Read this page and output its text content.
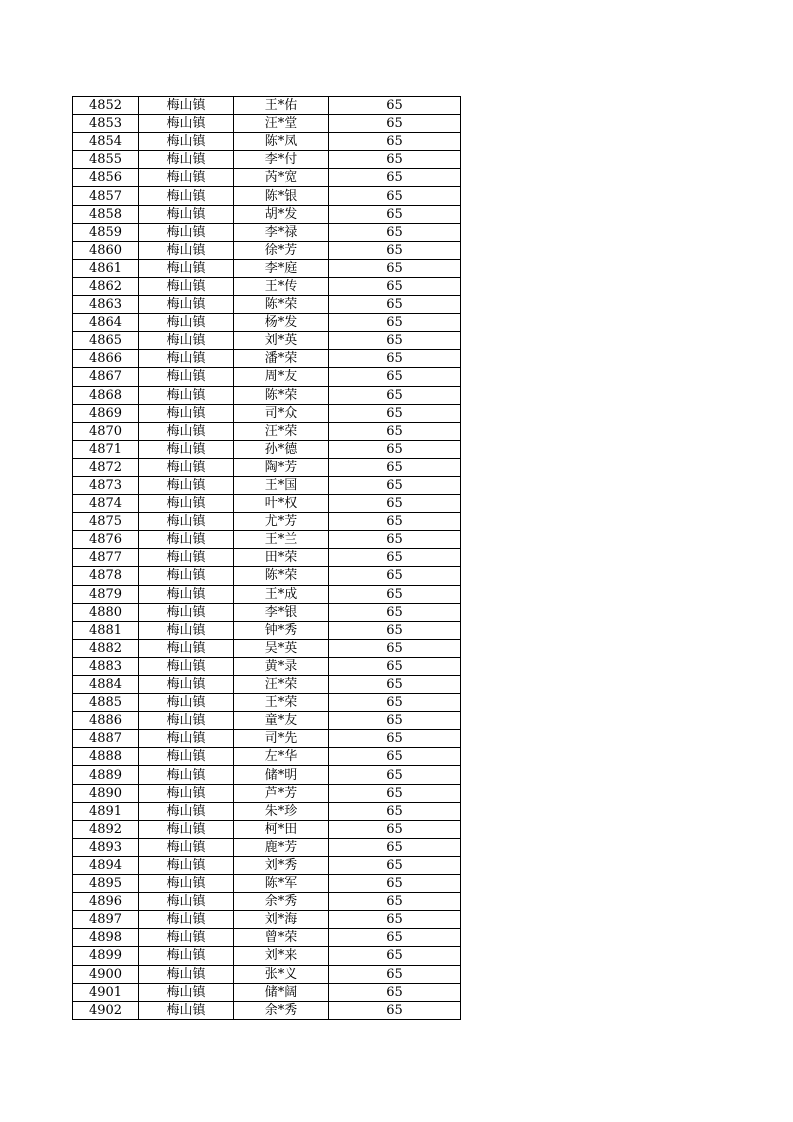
4852	梅山镇	王*佑	65
4853	梅山镇	汪*堂	65
4854	梅山镇	陈*凤	65
4855	梅山镇	李*付	65
4856	梅山镇	芮*宽	65
4857	梅山镇	陈*银	65
4858	梅山镇	胡*发	65
4859	梅山镇	李*禄	65
4860	梅山镇	徐*芳	65
4861	梅山镇	李*庭	65
4862	梅山镇	王*传	65
4863	梅山镇	陈*荣	65
4864	梅山镇	杨*发	65
4865	梅山镇	刘*英	65
4866	梅山镇	潘*荣	65
4867	梅山镇	周*友	65
4868	梅山镇	陈*荣	65
4869	梅山镇	司*众	65
4870	梅山镇	汪*荣	65
4871	梅山镇	孙*德	65
4872	梅山镇	陶*芳	65
4873	梅山镇	王*国	65
4874	梅山镇	叶*权	65
4875	梅山镇	尤*芳	65
4876	梅山镇	王*兰	65
4877	梅山镇	田*荣	65
4878	梅山镇	陈*荣	65
4879	梅山镇	王*成	65
4880	梅山镇	李*银	65
4881	梅山镇	钟*秀	65
4882	梅山镇	吴*英	65
4883	梅山镇	黄*录	65
4884	梅山镇	汪*荣	65
4885	梅山镇	王*荣	65
4886	梅山镇	童*友	65
4887	梅山镇	司*先	65
4888	梅山镇	左*华	65
4889	梅山镇	储*明	65
4890	梅山镇	芦*芳	65
4891	梅山镇	朱*珍	65
4892	梅山镇	柯*田	65
4893	梅山镇	鹿*芳	65
4894	梅山镇	刘*秀	65
4895	梅山镇	陈*军	65
4896	梅山镇	余*秀	65
4897	梅山镇	刘*海	65
4898	梅山镇	曾*荣	65
4899	梅山镇	刘*来	65
4900	梅山镇	张*义	65
4901	梅山镇	储*阔	65
4902	梅山镇	余*秀	65
